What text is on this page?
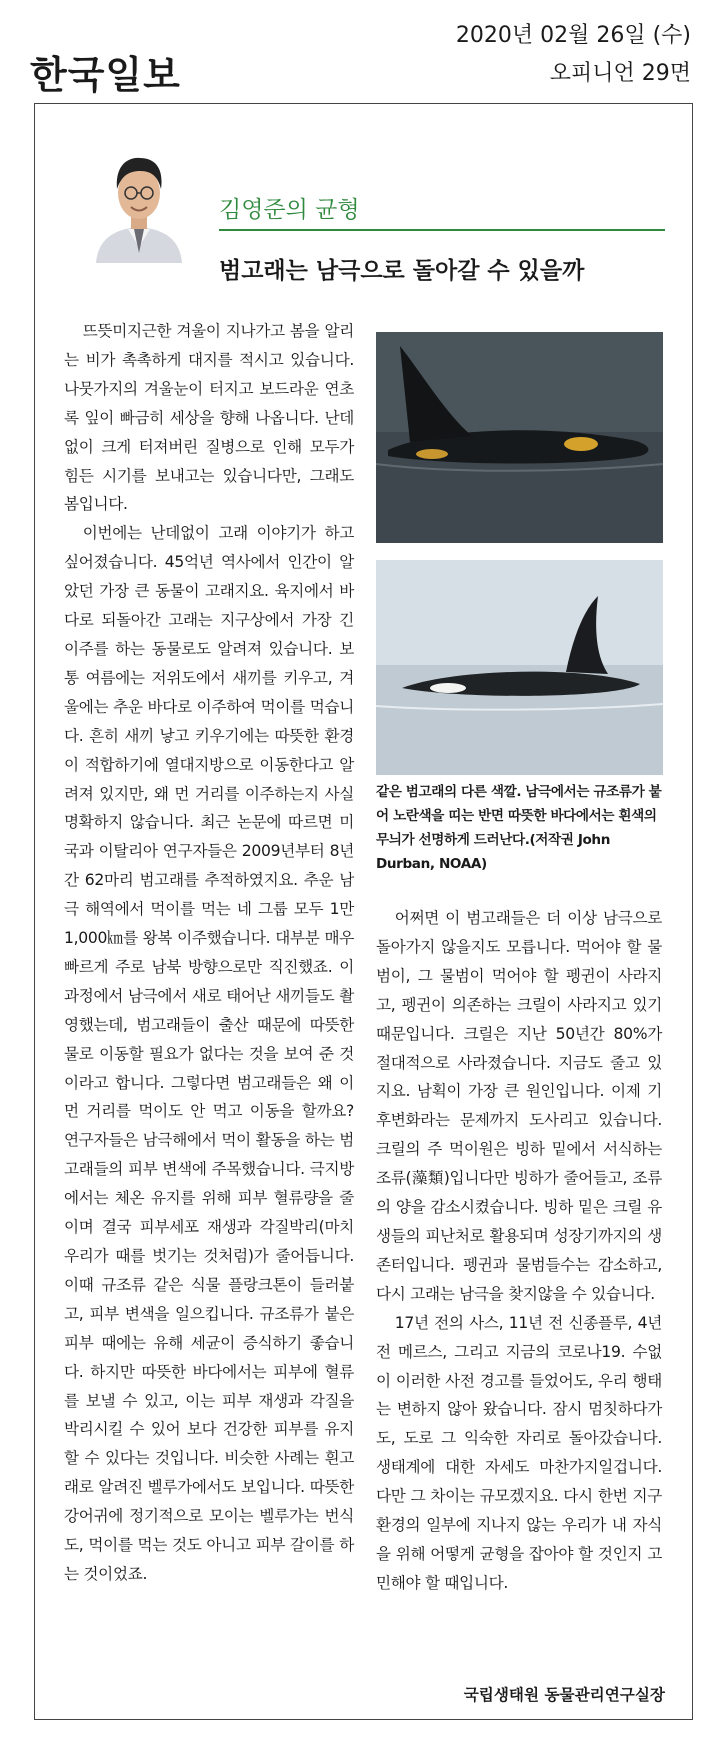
한국일보
2020년 02월 26일 (수)
오피니언 29면
김영준의 균형
범고래는 남극으로 돌아갈 수 있을까

뜨뜻미지근한 겨울이 지나가고 봄을 알리는 비가 촉촉하게 대지를 적시고 있습니다. 나뭇가지의 겨울눈이 터지고 보드라운 연초록 잎이 빠금히 세상을 향해 나옵니다. 난데없이 크게 터져버린 질병으로 인해 모두가 힘든 시기를 보내고는 있습니다만, 그래도 봄입니다.

이번에는 난데없이 고래 이야기가 하고 싶어졌습니다. 45억년 역사에서 인간이 알았던 가장 큰 동물이 고래지요. 육지에서 바다로 되돌아간 고래는 지구상에서 가장 긴 이주를 하는 동물로도 알려져 있습니다. 보통 여름에는 저위도에서 새끼를 키우고, 겨울에는 추운 바다로 이주하여 먹이를 먹습니다. 흔히 새끼 낳고 키우기에는 따뜻한 환경이 적합하기에 열대지방으로 이동한다고 알려져 있지만, 왜 먼 거리를 이주하는지 사실 명확하지 않습니다. 최근 논문에 따르면 미국과 이탈리아 연구자들은 2009년부터 8년간 62마리 범고래를 추적하였지요. 추운 남극 해역에서 먹이를 먹는 네 그룹 모두 1만1,000㎞를 왕복 이주했습니다. 대부분 매우 빠르게 주로 남북 방향으로만 직진했죠. 이 과정에서 남극에서 새로 태어난 새끼들도 촬영했는데, 범고래들이 출산 때문에 따뜻한 물로 이동할 필요가 없다는 것을 보여 준 것이라고 합니다. 그렇다면 범고래들은 왜 이 먼 거리를 먹이도 안 먹고 이동을 할까요? 연구자들은 남극해에서 먹이 활동을 하는 범고래들의 피부 변색에 주목했습니다. 극지방에서는 체온 유지를 위해 피부 혈류량을 줄이며 결국 피부세포 재생과 각질박리(마치 우리가 때를 벗기는 것처럼)가 줄어듭니다. 이때 규조류 같은 식물 플랑크톤이 들러붙고, 피부 변색을 일으킵니다. 규조류가 붙은 피부 때에는 유해 세균이 증식하기 좋습니다. 하지만 따뜻한 바다에서는 피부에 혈류를 보낼 수 있고, 이는 피부 재생과 각질을 박리시킬 수 있어 보다 건강한 피부를 유지할 수 있다는 것입니다. 비슷한 사례는 흰고래로 알려진 벨루가에서도 보입니다. 따뜻한 강어귀에 정기적으로 모이는 벨루가는 번식도, 먹이를 먹는 것도 아니고 피부 갈이를 하는 것이었죠.

같은 범고래의 다른 색깔. 남극에서는 규조류가 붙어 노란색을 띠는 반면 따뜻한 바다에서는 흰색의 무늬가 선명하게 드러난다.(저작권 John Durban, NOAA)

어쩌면 이 범고래들은 더 이상 남극으로 돌아가지 않을지도 모릅니다. 먹어야 할 물범이, 그 물범이 먹어야 할 펭귄이 사라지고, 펭귄이 의존하는 크릴이 사라지고 있기 때문입니다. 크릴은 지난 50년간 80%가 절대적으로 사라졌습니다. 지금도 줄고 있지요. 남획이 가장 큰 원인입니다. 이제 기후변화라는 문제까지 도사리고 있습니다. 크릴의 주 먹이원은 빙하 밑에서 서식하는 조류(藻類)입니다만 빙하가 줄어들고, 조류의 양을 감소시켰습니다. 빙하 밑은 크릴 유생들의 피난처로 활용되며 성장기까지의 생존터입니다. 펭귄과 물범들수는 감소하고, 다시 고래는 남극을 찾지않을 수 있습니다.

17년 전의 사스, 11년 전 신종플루, 4년 전 메르스, 그리고 지금의 코로나19. 수없이 이러한 사전 경고를 들었어도, 우리 행태는 변하지 않아 왔습니다. 잠시 멈칫하다가도, 도로 그 익숙한 자리로 돌아갔습니다. 생태계에 대한 자세도 마찬가지일겁니다. 다만 그 차이는 규모겠지요. 다시 한번 지구 환경의 일부에 지나지 않는 우리가 내 자식을 위해 어떻게 균형을 잡아야 할 것인지 고민해야 할 때입니다.

국립생태원 동물관리연구실장
